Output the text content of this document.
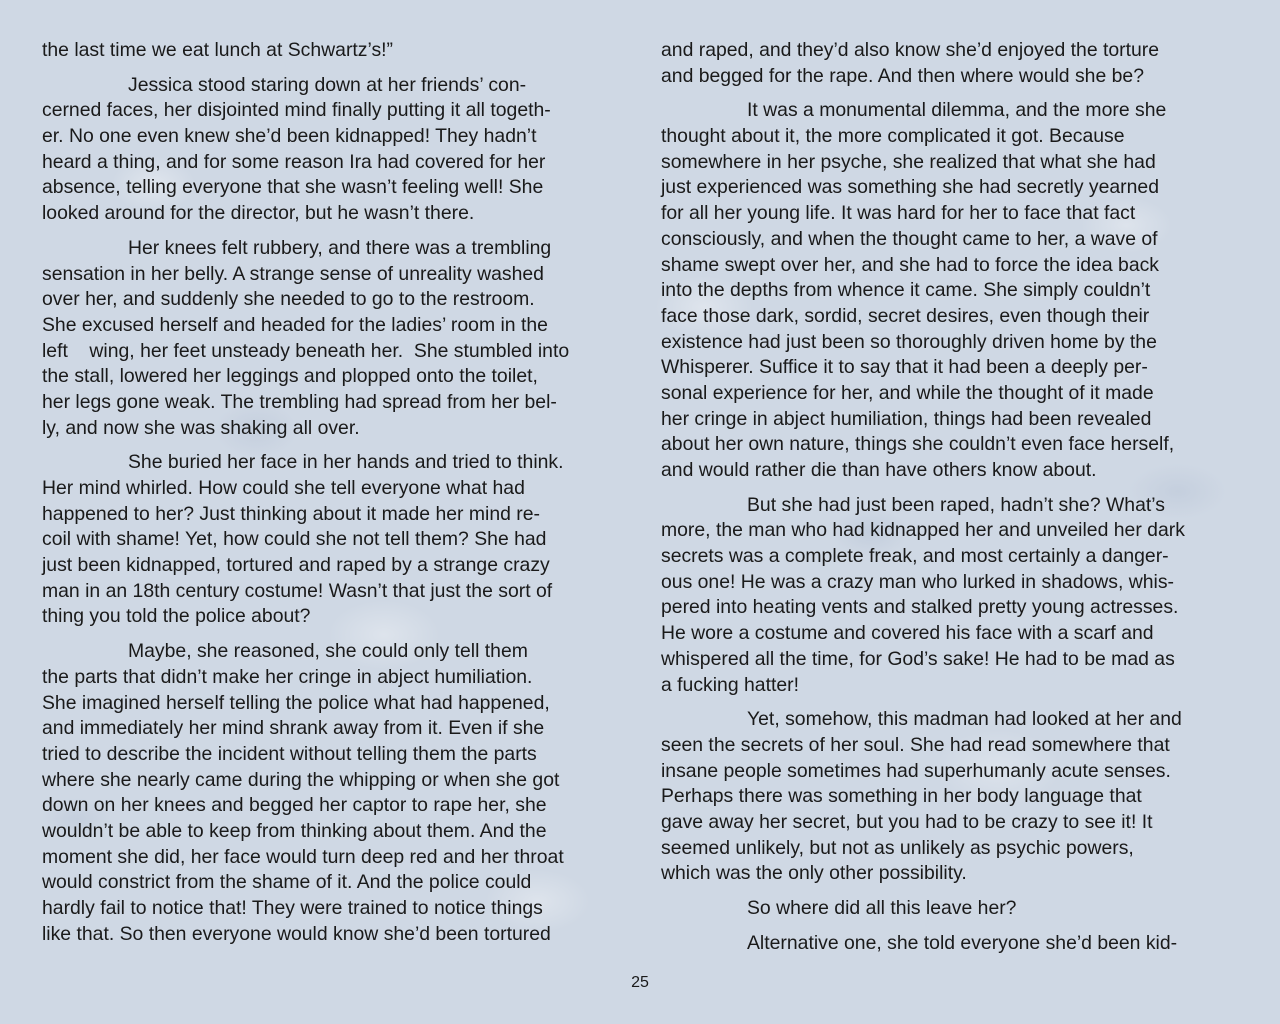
the last time we eat lunch at Schwartz’s!”
Jessica stood staring down at her friends’ con-
cerned faces, her disjointed mind finally putting it all togeth-
er. No one even knew she’d been kidnapped! They hadn’t
heard a thing, and for some reason Ira had covered for her
absence, telling everyone that she wasn’t feeling well! She
looked around for the director, but he wasn’t there.
Her knees felt rubbery, and there was a trembling
sensation in her belly. A strange sense of unreality washed
over her, and suddenly she needed to go to the restroom.
She excused herself and headed for the ladies’ room in the
left    wing, her feet unsteady beneath her.  She stumbled into
the stall, lowered her leggings and plopped onto the toilet,
her legs gone weak. The trembling had spread from her bel-
ly, and now she was shaking all over.
She buried her face in her hands and tried to think.
Her mind whirled. How could she tell everyone what had
happened to her? Just thinking about it made her mind re-
coil with shame! Yet, how could she not tell them? She had
just been kidnapped, tortured and raped by a strange crazy
man in an 18th century costume! Wasn’t that just the sort of
thing you told the police about?
Maybe, she reasoned, she could only tell them
the parts that didn’t make her cringe in abject humiliation.
She imagined herself telling the police what had happened,
and immediately her mind shrank away from it. Even if she
tried to describe the incident without telling them the parts
where she nearly came during the whipping or when she got
down on her knees and begged her captor to rape her, she
wouldn’t be able to keep from thinking about them. And the
moment she did, her face would turn deep red and her throat
would constrict from the shame of it. And the police could
hardly fail to notice that! They were trained to notice things
like that. So then everyone would know she’d been tortured
and raped, and they’d also know she’d enjoyed the torture
and begged for the rape. And then where would she be?
It was a monumental dilemma, and the more she
thought about it, the more complicated it got. Because
somewhere in her psyche, she realized that what she had
just experienced was something she had secretly yearned
for all her young life. It was hard for her to face that fact
consciously, and when the thought came to her, a wave of
shame swept over her, and she had to force the idea back
into the depths from whence it came. She simply couldn’t
face those dark, sordid, secret desires, even though their
existence had just been so thoroughly driven home by the
Whisperer. Suffice it to say that it had been a deeply per-
sonal experience for her, and while the thought of it made
her cringe in abject humiliation, things had been revealed
about her own nature, things she couldn’t even face herself,
and would rather die than have others know about.
But she had just been raped, hadn’t she? What’s
more, the man who had kidnapped her and unveiled her dark
secrets was a complete freak, and most certainly a danger-
ous one! He was a crazy man who lurked in shadows, whis-
pered into heating vents and stalked pretty young actresses.
He wore a costume and covered his face with a scarf and
whispered all the time, for God’s sake! He had to be mad as
a fucking hatter!
Yet, somehow, this madman had looked at her and
seen the secrets of her soul. She had read somewhere that
insane people sometimes had superhumanly acute senses.
Perhaps there was something in her body language that
gave away her secret, but you had to be crazy to see it! It
seemed unlikely, but not as unlikely as psychic powers,
which was the only other possibility.
So where did all this leave her?
Alternative one, she told everyone she’d been kid-
25
